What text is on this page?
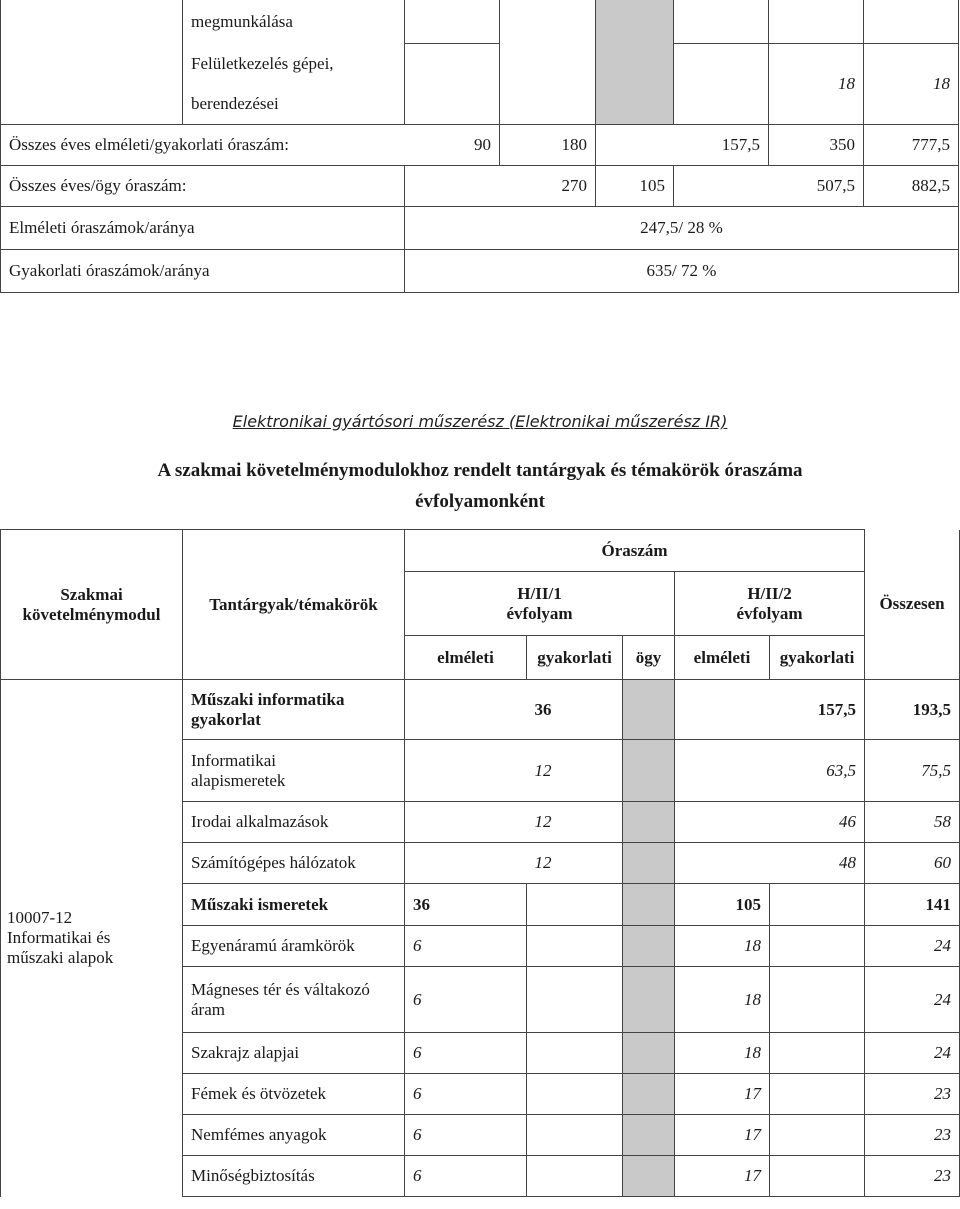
	megmunkálása						

	Felületkezelés gépei,
berendezései					18	18
Összes éves elméleti/gyakorlati óraszám:		90	180	157,5		350	777,5
Összes éves/ögy óraszám:		270		105	507,5		882,5
Elméleti óraszámok/aránya		247,5/ 28 %					
Gyakorlati óraszámok/aránya		635/ 72 %					
Elektronikai gyártósori műszerész (Elektronikai műszerész IR)
A szakmai követelménymodulokhoz rendelt tantárgyak és témakörök óraszáma
évfolyamonként
Szakmai
követelménymodul	Tantárgyak/témakörök	Óraszám					Összesen
		H/II/1
évfolyam			H/II/2
évfolyam		
		elméleti	gyakorlati	ögy	elméleti	gyakorlati	
10007-12
Informatikai és
műszaki alapok	Műszaki informatika
gyakorlat		36		157,5		193,5
	Informatikai
alapismeretek		12		63,5		75,5
	Irodai alkalmazások		12		46		58
	Számítógépes hálózatok		12		48		60
	Műszaki ismeretek	36			105		141
	Egyenáramú áramkörök	6			18		24
	Mágneses tér és váltakozó
áram	6			18		24
	Szakrajz alapjai	6			18		24
	Fémek és ötvözetek	6			17		23
	Nemfémes anyagok	6			17		23
	Minőségbiztosítás	6			17		23
